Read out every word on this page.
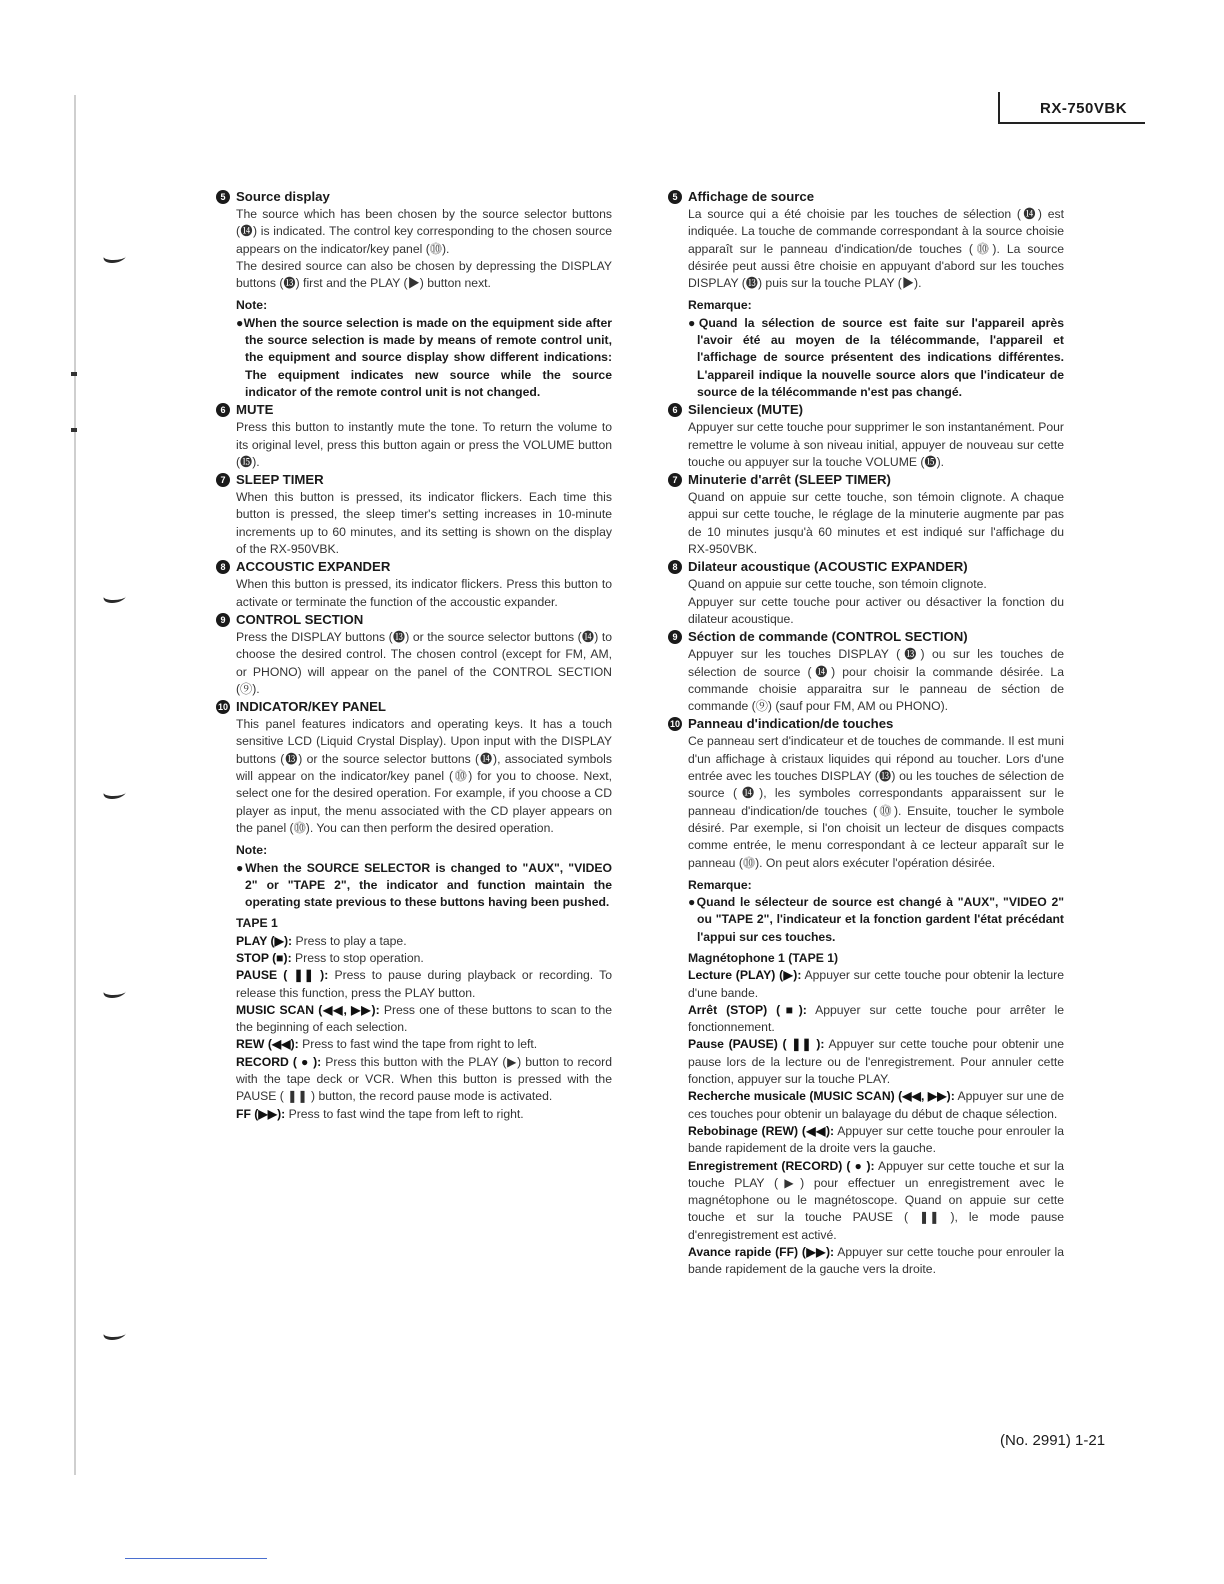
RX-750VBK
5 Source display

The source which has been chosen by the source selector buttons (⓮) is indicated. The control key corresponding to the chosen source appears on the indicator/key panel (⓾).

The desired source can also be chosen by depressing the DISPLAY buttons (⓭) first and the PLAY (▶) button next.

Note:

●When the source selection is made on the equipment side after the source selection is made by means of remote control unit, the equipment and source display show different indications: The equipment indicates new source while the source indicator of the remote control unit is not changed.

6 MUTE

Press this button to instantly mute the tone. To return the volume to its original level, press this button again or press the VOLUME button (⓯).

7 SLEEP TIMER

When this button is pressed, its indicator flickers. Each time this button is pressed, the sleep timer's setting increases in 10-minute increments up to 60 minutes, and its setting is shown on the display of the RX-950VBK.

8 ACCOUSTIC EXPANDER

When this button is pressed, its indicator flickers. Press this button to activate or terminate the function of the accoustic expander.

9 CONTROL SECTION

Press the DISPLAY buttons (⓭) or the source selector buttons (⓮) to choose the desired control. The chosen control (except for FM, AM, or PHONO) will appear on the panel of the CONTROL SECTION (⑨).

10 INDICATOR/KEY PANEL

This panel features indicators and operating keys. It has a touch sensitive LCD (Liquid Crystal Display). Upon input with the DISPLAY buttons (⓭) or the source selector buttons (⓮), associated symbols will appear on the indicator/key panel (⓾) for you to choose. Next, select one for the desired operation. For example, if you choose a CD player as input, the menu associated with the CD player appears on the panel (⓾). You can then perform the desired operation.

Note:

●When the SOURCE SELECTOR is changed to "AUX", "VIDEO 2" or "TAPE 2", the indicator and function maintain the operating state previous to these buttons having been pushed.

TAPE 1

PLAY (▶): Press to play a tape.

STOP (■): Press to stop operation.

PAUSE ( ❚❚ ): Press to pause during playback or recording. To release this function, press the PLAY button.

MUSIC SCAN (◀◀, ▶▶): Press one of these buttons to scan to the the beginning of each selection.

REW (◀◀): Press to fast wind the tape from right to left.

RECORD ( ● ): Press this button with the PLAY (▶) button to record with the tape deck or VCR. When this button is pressed with the PAUSE ( ❚❚ ) button, the record pause mode is activated.

FF (▶▶): Press to fast wind the tape from left to right.

5 Affichage de source

La source qui a été choisie par les touches de sélection (⓮) est indiquée. La touche de commande correspondant à la source choisie apparaît sur le panneau d'indication/de touches (⓾). La source désirée peut aussi être choisie en appuyant d'abord sur les touches DISPLAY (⓭) puis sur la touche PLAY (▶).

Remarque:

●Quand la sélection de source est faite sur l'appareil après l'avoir été au moyen de la télécommande, l'appareil et l'affichage de source présentent des indications différentes. L'appareil indique la nouvelle source alors que l'indicateur de source de la télécommande n'est pas changé.

6 Silencieux (MUTE)

Appuyer sur cette touche pour supprimer le son instantanément. Pour remettre le volume à son niveau initial, appuyer de nouveau sur cette touche ou appuyer sur la touche VOLUME (⓯).

7 Minuterie d'arrêt (SLEEP TIMER)

Quand on appuie sur cette touche, son témoin clignote. A chaque appui sur cette touche, le réglage de la minuterie augmente par pas de 10 minutes jusqu'à 60 minutes et est indiqué sur l'affichage du RX-950VBK.

8 Dilateur acoustique (ACOUSTIC EXPANDER)

Quand on appuie sur cette touche, son témoin clignote.

Appuyer sur cette touche pour activer ou désactiver la fonction du dilateur acoustique.

9 Séction de commande (CONTROL SECTION)

Appuyer sur les touches DISPLAY (⓭) ou sur les touches de sélection de source (⓮) pour choisir la commande désirée. La commande choisie apparaitra sur le panneau de séction de commande (⑨) (sauf pour FM, AM ou PHONO).

10 Panneau d'indication/de touches

Ce panneau sert d'indicateur et de touches de commande. Il est muni d'un affichage à cristaux liquides qui répond au toucher. Lors d'une entrée avec les touches DISPLAY (⓭) ou les touches de sélection de source (⓮), les symboles correspondants apparaissent sur le panneau d'indication/de touches (⓾). Ensuite, toucher le symbole désiré. Par exemple, si l'on choisit un lecteur de disques compacts comme entrée, le menu correspondant à ce lecteur apparaît sur le panneau (⓾). On peut alors exécuter l'opération désirée.

Remarque:

●Quand le sélecteur de source est changé à "AUX", "VIDEO 2" ou "TAPE 2", l'indicateur et la fonction gardent l'état précédant l'appui sur ces touches.

Magnétophone 1 (TAPE 1)

Lecture (PLAY) (▶): Appuyer sur cette touche pour obtenir la lecture d'une bande.

Arrêt (STOP) (■): Appuyer sur cette touche pour arrêter le fonctionnement.

Pause (PAUSE) ( ❚❚ ): Appuyer sur cette touche pour obtenir une pause lors de la lecture ou de l'enregistrement. Pour annuler cette fonction, appuyer sur la touche PLAY.

Recherche musicale (MUSIC SCAN) (◀◀, ▶▶): Appuyer sur une de ces touches pour obtenir un balayage du début de chaque sélection.

Rebobinage (REW) (◀◀): Appuyer sur cette touche pour enrouler la bande rapidement de la droite vers la gauche.

Enregistrement (RECORD) ( ● ): Appuyer sur cette touche et sur la touche PLAY (▶) pour effectuer un enregistrement avec le magnétophone ou le magnétoscope. Quand on appuie sur cette touche et sur la touche PAUSE ( ❚❚ ), le mode pause d'enregistrement est activé.

Avance rapide (FF) (▶▶): Appuyer sur cette touche pour enrouler la bande rapidement de la gauche vers la droite.

(No. 2991) 1-21
